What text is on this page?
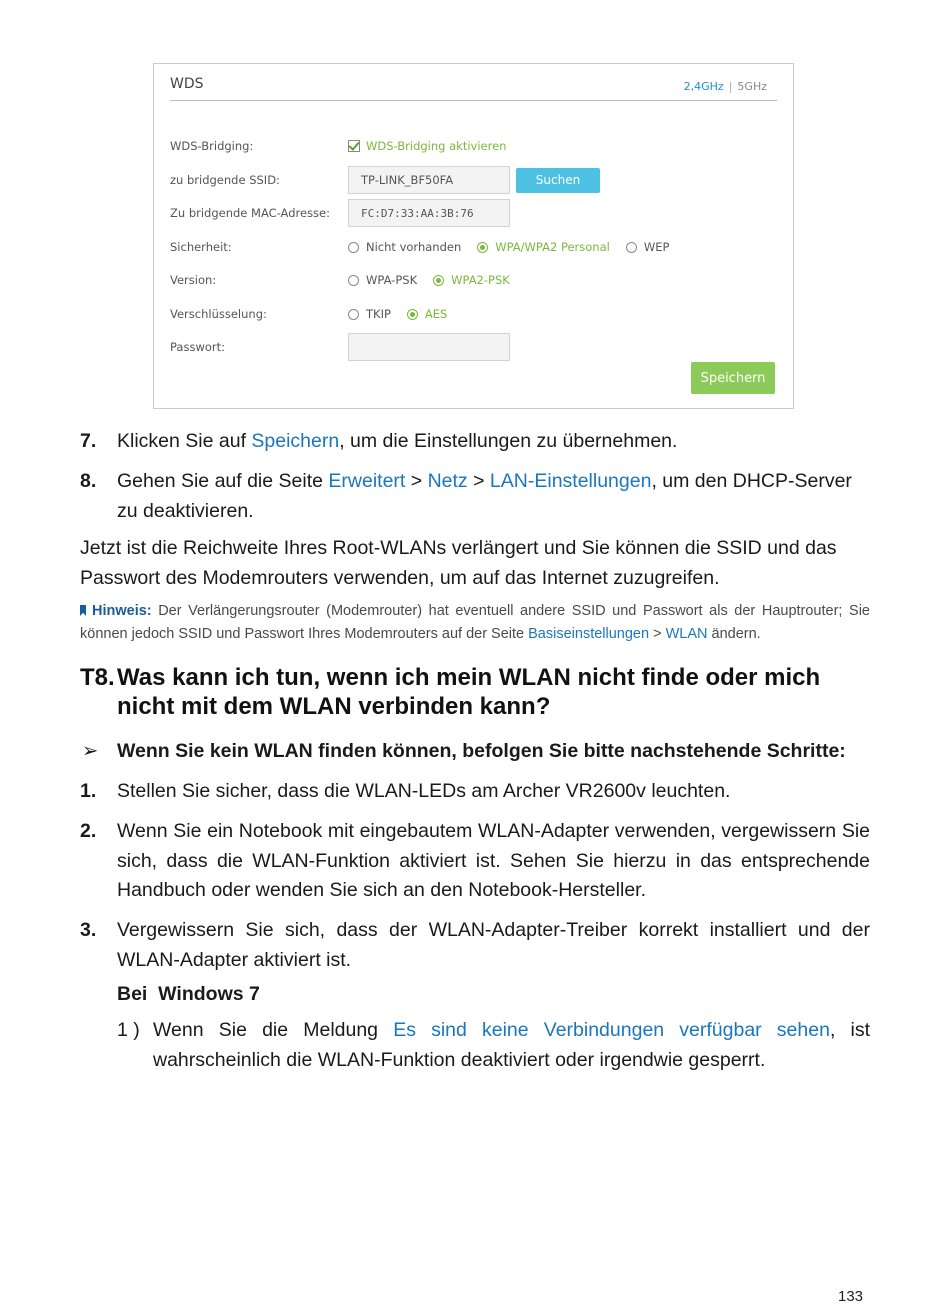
WDS	2,4GHz | 5GHz
WDS-Bridging:	WDS-Bridging aktivieren
zu bridgende SSID:	TP-LINK_BF50FA	Suchen
Zu bridgende MAC-Adresse:	FC:D7:33:AA:3B:76
Sicherheit:	Nicht vorhanden	WPA/WPA2 Personal	WEP
Version:	WPA-PSK	WPA2-PSK
Verschlüsselung:	TKIP	AES
Passwort:
Speichern
7. Klicken Sie auf Speichern, um die Einstellungen zu übernehmen.
8. Gehen Sie auf die Seite Erweitert > Netz > LAN-Einstellungen, um den DHCP-Server zu deaktivieren.
Jetzt ist die Reichweite Ihres Root-WLANs verlängert und Sie können die SSID und das Passwort des Modemrouters verwenden, um auf das Internet zuzugreifen.
Hinweis: Der Verlängerungsrouter (Modemrouter) hat eventuell andere SSID und Passwort als der Hauptrouter; Sie können jedoch SSID und Passwort Ihres Modemrouters auf der Seite Basiseinstellungen > WLAN ändern.
T8. Was kann ich tun, wenn ich mein WLAN nicht finde oder mich nicht mit dem WLAN verbinden kann?
➢ Wenn Sie kein WLAN finden können, befolgen Sie bitte nachstehende Schritte:
1. Stellen Sie sicher, dass die WLAN-LEDs am Archer VR2600v leuchten.
2. Wenn Sie ein Notebook mit eingebautem WLAN-Adapter verwenden, vergewissern Sie sich, dass die WLAN-Funktion aktiviert ist. Sehen Sie hierzu in das entsprechende Handbuch oder wenden Sie sich an den Notebook-Hersteller.
3. Vergewissern Sie sich, dass der WLAN-Adapter-Treiber korrekt installiert und der WLAN-Adapter aktiviert ist.
Bei  Windows 7
1 ) Wenn Sie die Meldung Es sind keine Verbindungen verfügbar sehen, ist wahrscheinlich die WLAN-Funktion deaktiviert oder irgendwie gesperrt.
133
